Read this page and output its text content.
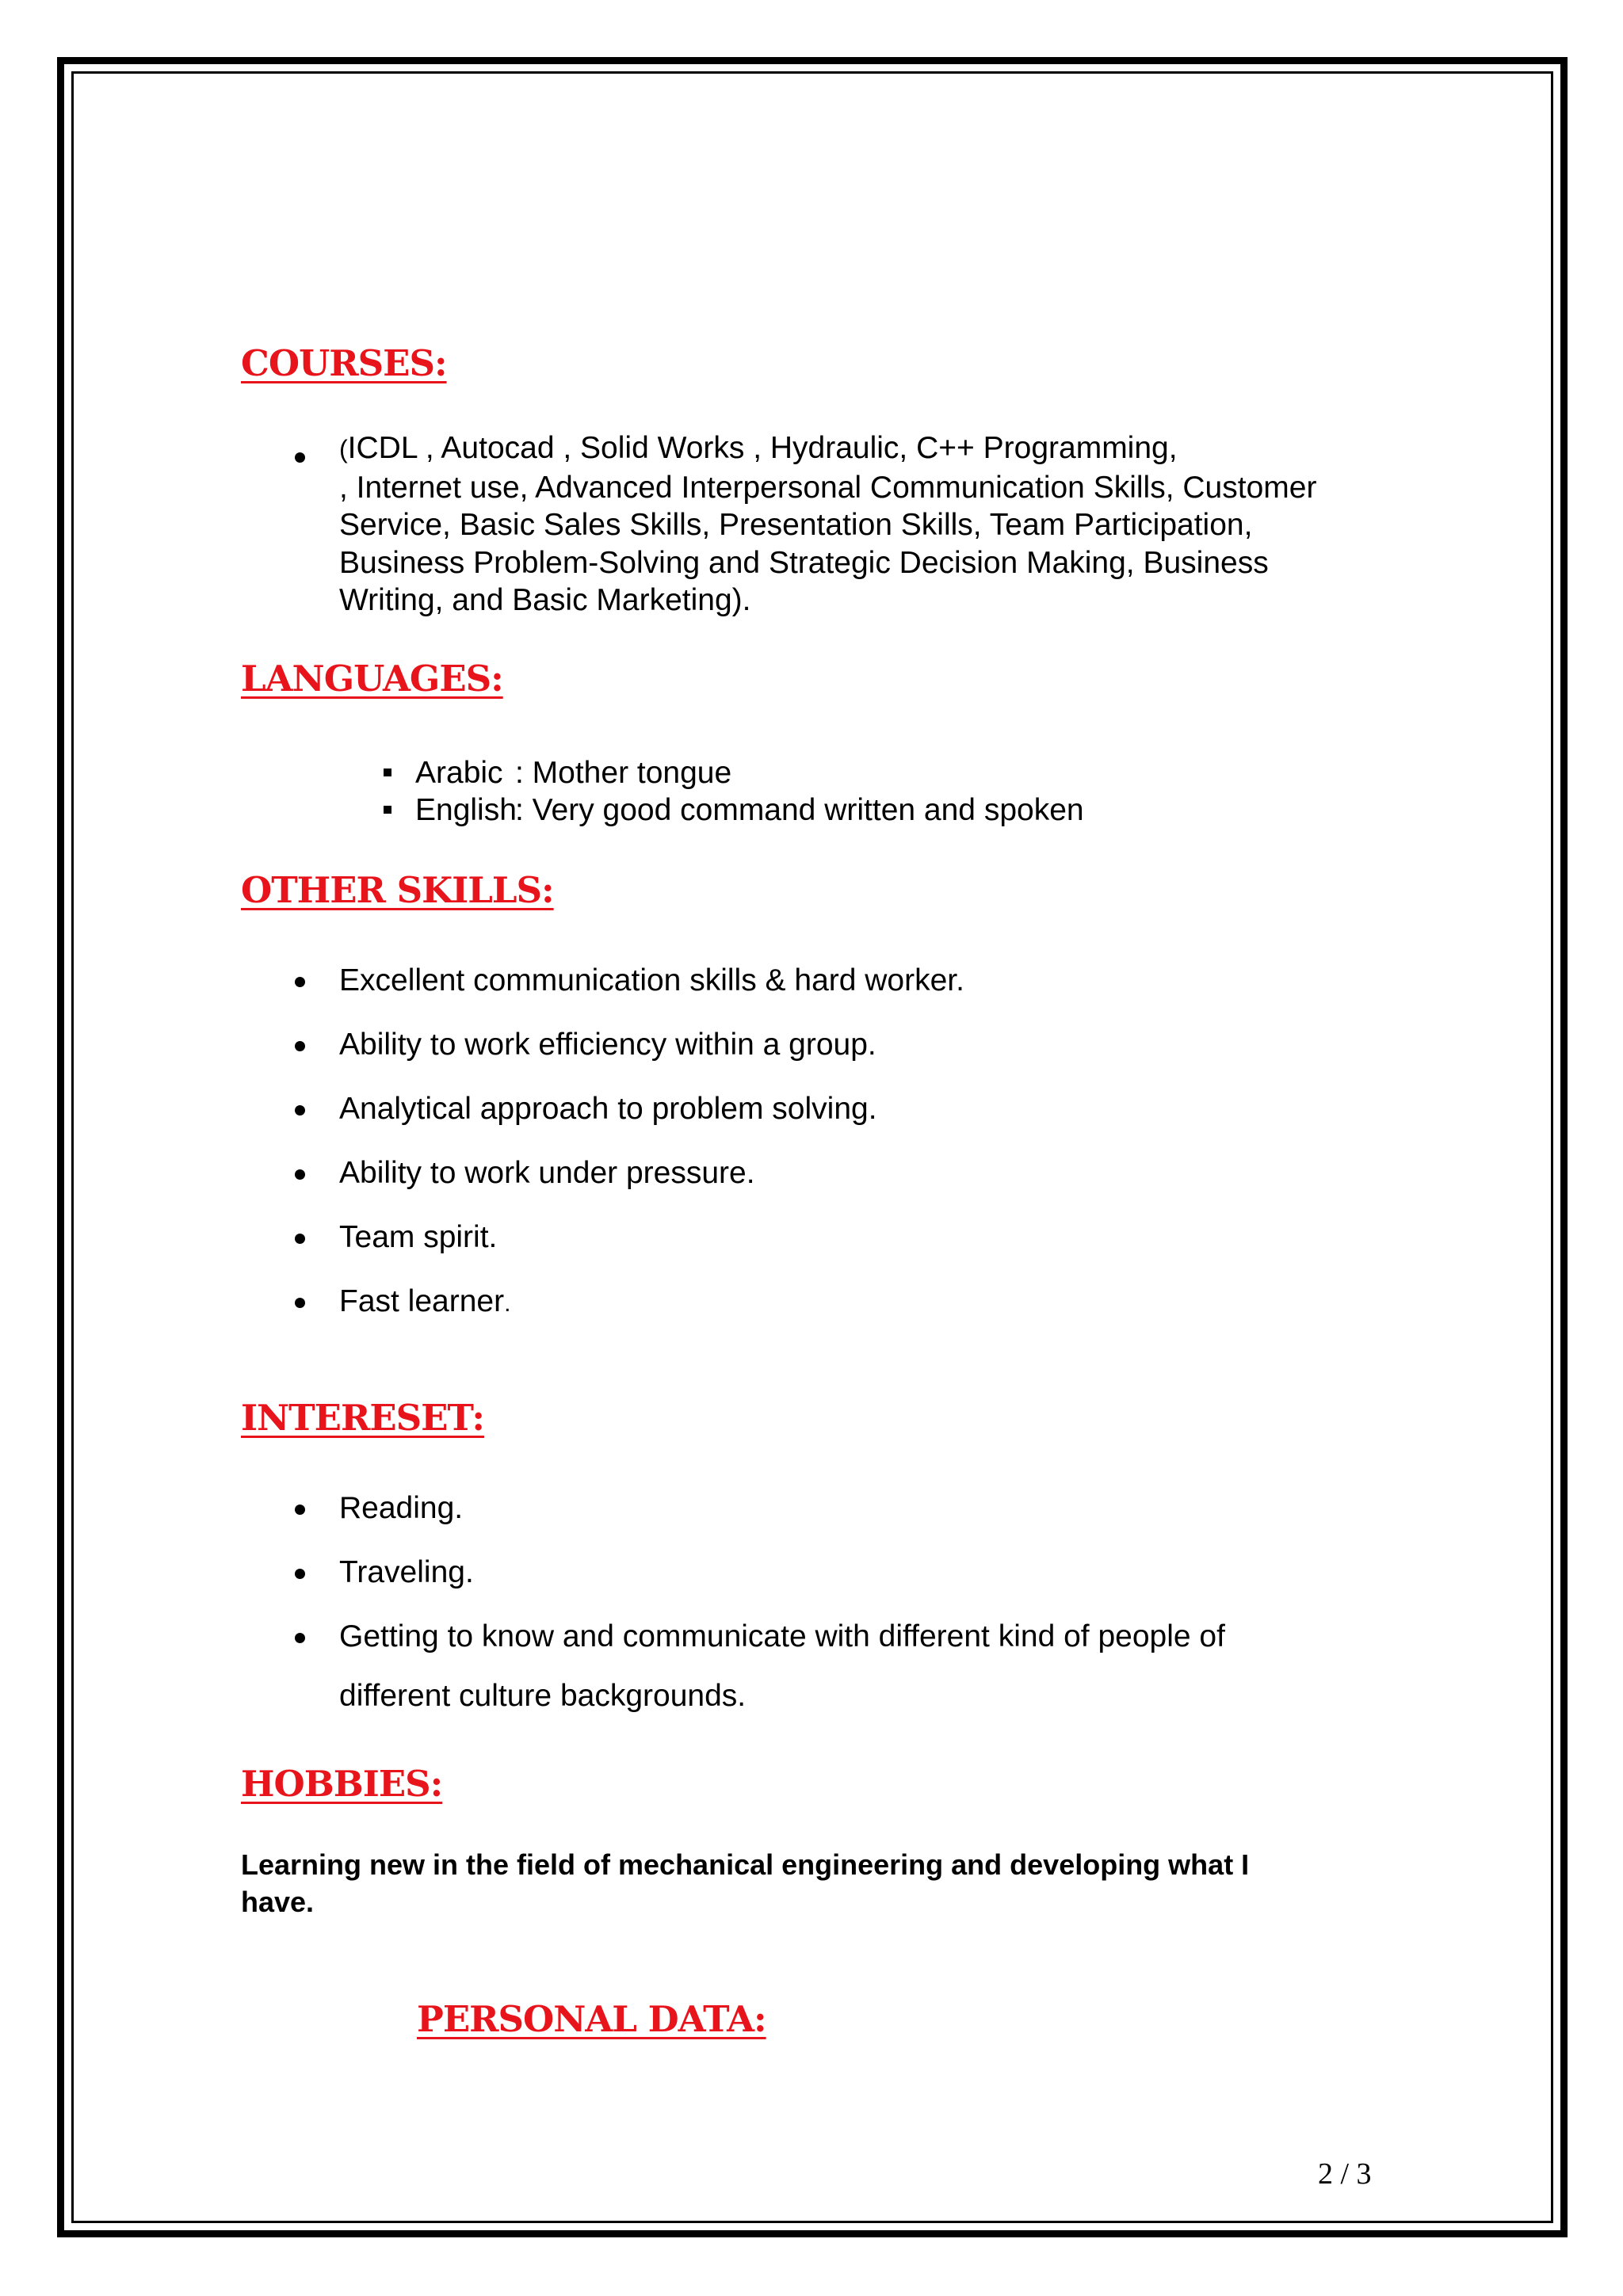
COURSES:

(ICDL , Autocad , Solid Works , Hydraulic, C++ Programming,
, Internet use, Advanced Interpersonal Communication Skills, Customer
Service, Basic Sales Skills, Presentation Skills, Team Participation,
Business Problem-Solving and Strategic Decision Making, Business
Writing, and Basic Marketing).

LANGUAGES:
Arabic : Mother tongue
English
: Very good command written and spoken
OTHER SKILLS:
Excellent communication skills & hard worker.
Ability to work efficiency within a group.
Analytical approach to problem solving.
Ability to work under pressure.
Team spirit.
Fast learner.
INTERESET:
Reading.
Traveling.
Getting to know and communicate with different kind of people of
different culture backgrounds.
HOBBIES:

Learning new in the field of mechanical engineering and developing what I
have.

PERSONAL DATA:
2 / 3
